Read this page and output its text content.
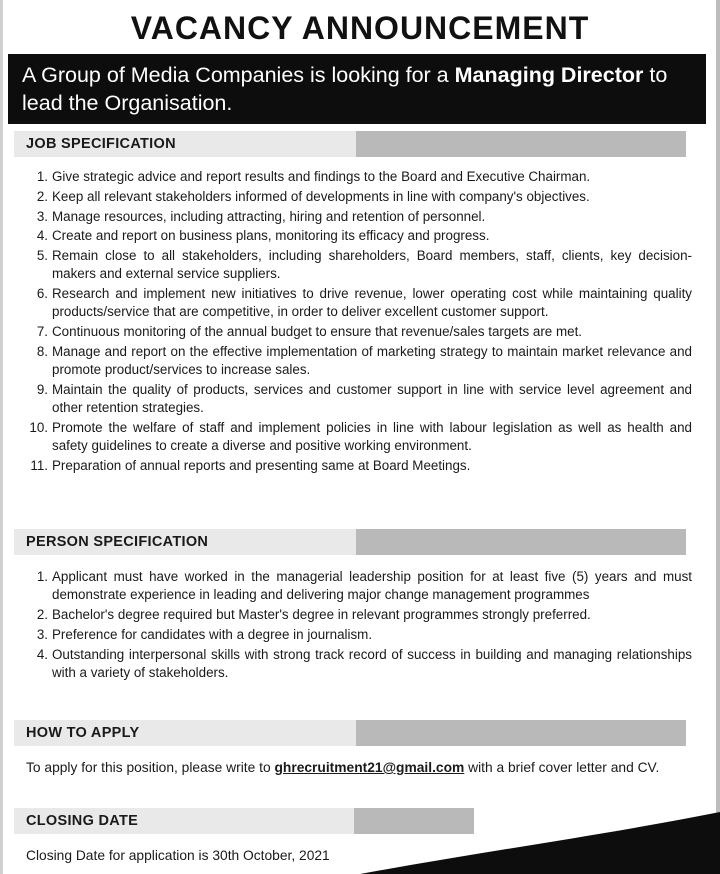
VACANCY ANNOUNCEMENT
A Group of Media Companies is looking for a Managing Director to lead the Organisation.
JOB SPECIFICATION
1. Give strategic advice and report results and findings to the Board and Executive Chairman.
2. Keep all relevant stakeholders informed of developments in line with company's objectives.
3. Manage resources, including attracting, hiring and retention of personnel.
4. Create and report on business plans, monitoring its efficacy and progress.
5. Remain close to all stakeholders, including shareholders, Board members, staff, clients, key decision-makers and external service suppliers.
6. Research and implement new initiatives to drive revenue, lower operating cost while maintaining quality products/service that are competitive, in order to deliver excellent customer support.
7. Continuous monitoring of the annual budget to ensure that revenue/sales targets are met.
8. Manage and report on the effective implementation of marketing strategy to maintain market relevance and promote product/services to increase sales.
9. Maintain the quality of products, services and customer support in line with service level agreement and other retention strategies.
10. Promote the welfare of staff and implement policies in line with labour legislation as well as health and safety guidelines to create a diverse and positive working environment.
11. Preparation of annual reports and presenting same at Board Meetings.
PERSON SPECIFICATION
1. Applicant must have worked in the managerial leadership position for at least five (5) years and must demonstrate experience in leading and delivering major change management programmes
2. Bachelor's degree required but Master's degree in relevant programmes strongly preferred.
3. Preference for candidates with a degree in journalism.
4. Outstanding interpersonal skills with strong track record of success in building and managing relationships with a variety of stakeholders.
HOW TO APPLY
To apply for this position, please write to ghrecruitment21@gmail.com with a brief cover letter and CV.
CLOSING DATE
Closing Date for application is 30th October, 2021
